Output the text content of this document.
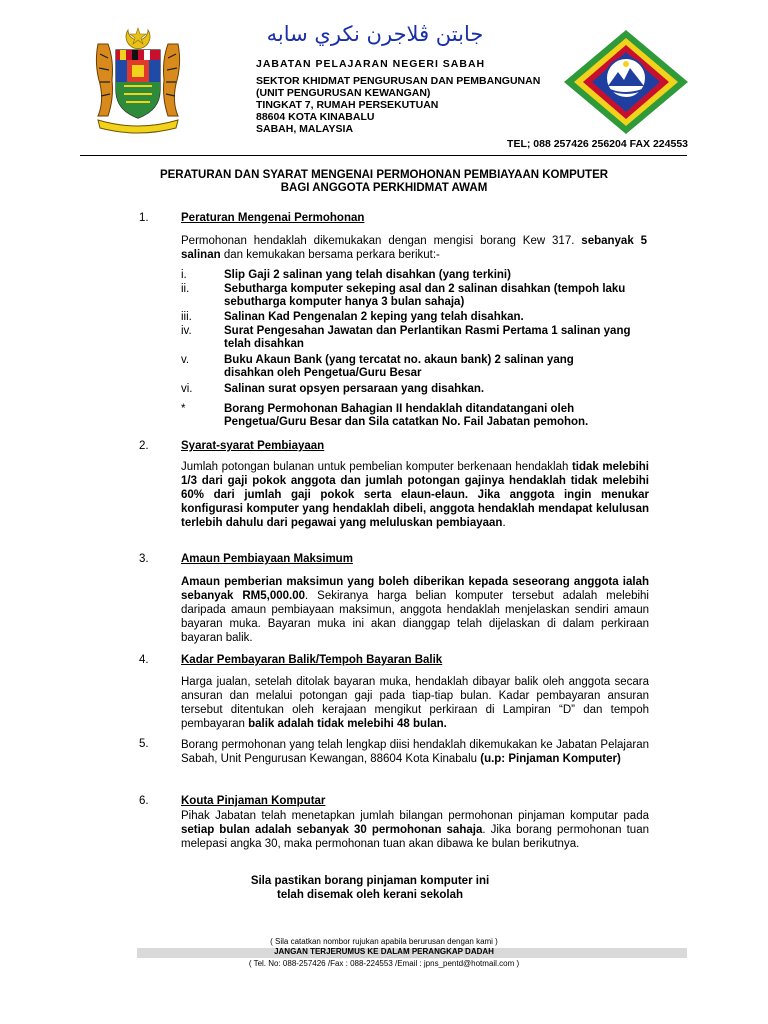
جابتن ڤلاجرن نكري سابه
JABATAN PELAJARAN NEGERI SABAH
SEKTOR KHIDMAT PENGURUSAN DAN PEMBANGUNAN
(UNIT PENGURUSAN KEWANGAN)
TINGKAT 7, RUMAH PERSEKUTUAN
88604 KOTA KINABALU
SABAH, MALAYSIA
TEL; 088 257426 256204 FAX 224553
PERATURAN DAN SYARAT MENGENAI PERMOHONAN PEMBIAYAAN KOMPUTER
BAGI ANGGOTA PERKHIDMAT AWAM
1.	Peraturan Mengenai Permohonan
Permohonan hendaklah dikemukakan dengan mengisi borang Kew 317. sebanyak 5 salinan dan kemukakan bersama perkara berikut:-
i.	Slip Gaji 2 salinan yang telah disahkan (yang terkini)
ii.	Sebutharga komputer sekeping asal dan 2 salinan disahkan (tempoh laku sebutharga komputer hanya 3 bulan sahaja)
iii.	Salinan Kad Pengenalan 2 keping yang telah disahkan.
iv.	Surat Pengesahan Jawatan dan Perlantikan Rasmi Pertama 1 salinan yang telah disahkan
v.	Buku Akaun Bank (yang tercatat no. akaun bank) 2 salinan yang disahkan oleh Pengetua/Guru Besar
vi.	Salinan surat opsyen persaraan yang disahkan.
*	Borang Permohonan Bahagian II hendaklah ditandatangani oleh Pengetua/Guru Besar dan Sila catatkan No. Fail Jabatan pemohon.
2.	Syarat-syarat Pembiayaan
Jumlah potongan bulanan untuk pembelian komputer berkenaan hendaklah tidak melebihi 1/3 dari gaji pokok anggota dan jumlah potongan gajinya hendaklah tidak melebihi 60% dari jumlah gaji pokok serta elaun-elaun. Jika anggota ingin menukar konfigurasi komputer yang hendaklah dibeli, anggota hendaklah mendapat kelulusan terlebih dahulu dari pegawai yang meluluskan pembiayaan.
3.	Amaun Pembiayaan Maksimum
Amaun pemberian maksimun yang boleh diberikan kepada seseorang anggota ialah sebanyak RM5,000.00. Sekiranya harga belian komputer tersebut adalah melebihi daripada amaun pembiayaan maksimun, anggota hendaklah menjelaskan sendiri amaun bayaran muka. Bayaran muka ini akan dianggap telah dijelaskan di dalam perkiraan bayaran balik.
4.	Kadar Pembayaran Balik/Tempoh Bayaran Balik
Harga jualan, setelah ditolak bayaran muka, hendaklah dibayar balik oleh anggota secara ansuran dan melalui potongan gaji pada tiap-tiap bulan. Kadar pembayaran ansuran tersebut ditentukan oleh kerajaan mengikut perkiraan di Lampiran “D” dan tempoh pembayaran balik adalah tidak melebihi 48 bulan.
5.	Borang permohonan yang telah lengkap diisi hendaklah dikemukakan ke Jabatan Pelajaran Sabah, Unit Pengurusan Kewangan, 88604 Kota Kinabalu (u.p: Pinjaman Komputer)
6.	Kouta Pinjaman Komputar
Pihak Jabatan telah menetapkan jumlah bilangan permohonan pinjaman komputar pada setiap bulan adalah sebanyak 30 permohonan sahaja. Jika borang permohonan tuan melepasi angka 30, maka permohonan tuan akan dibawa ke bulan berikutnya.
Sila pastikan borang pinjaman komputer ini
telah disemak oleh kerani sekolah
( Sila catatkan nombor rujukan apabila berurusan dengan kami )
JANGAN TERJERUMUS KE DALAM PERANGKAP DADAH
( Tel. No: 088-257426 /Fax : 088-224553 /Email : jpns_pentd@hotmail.com )
